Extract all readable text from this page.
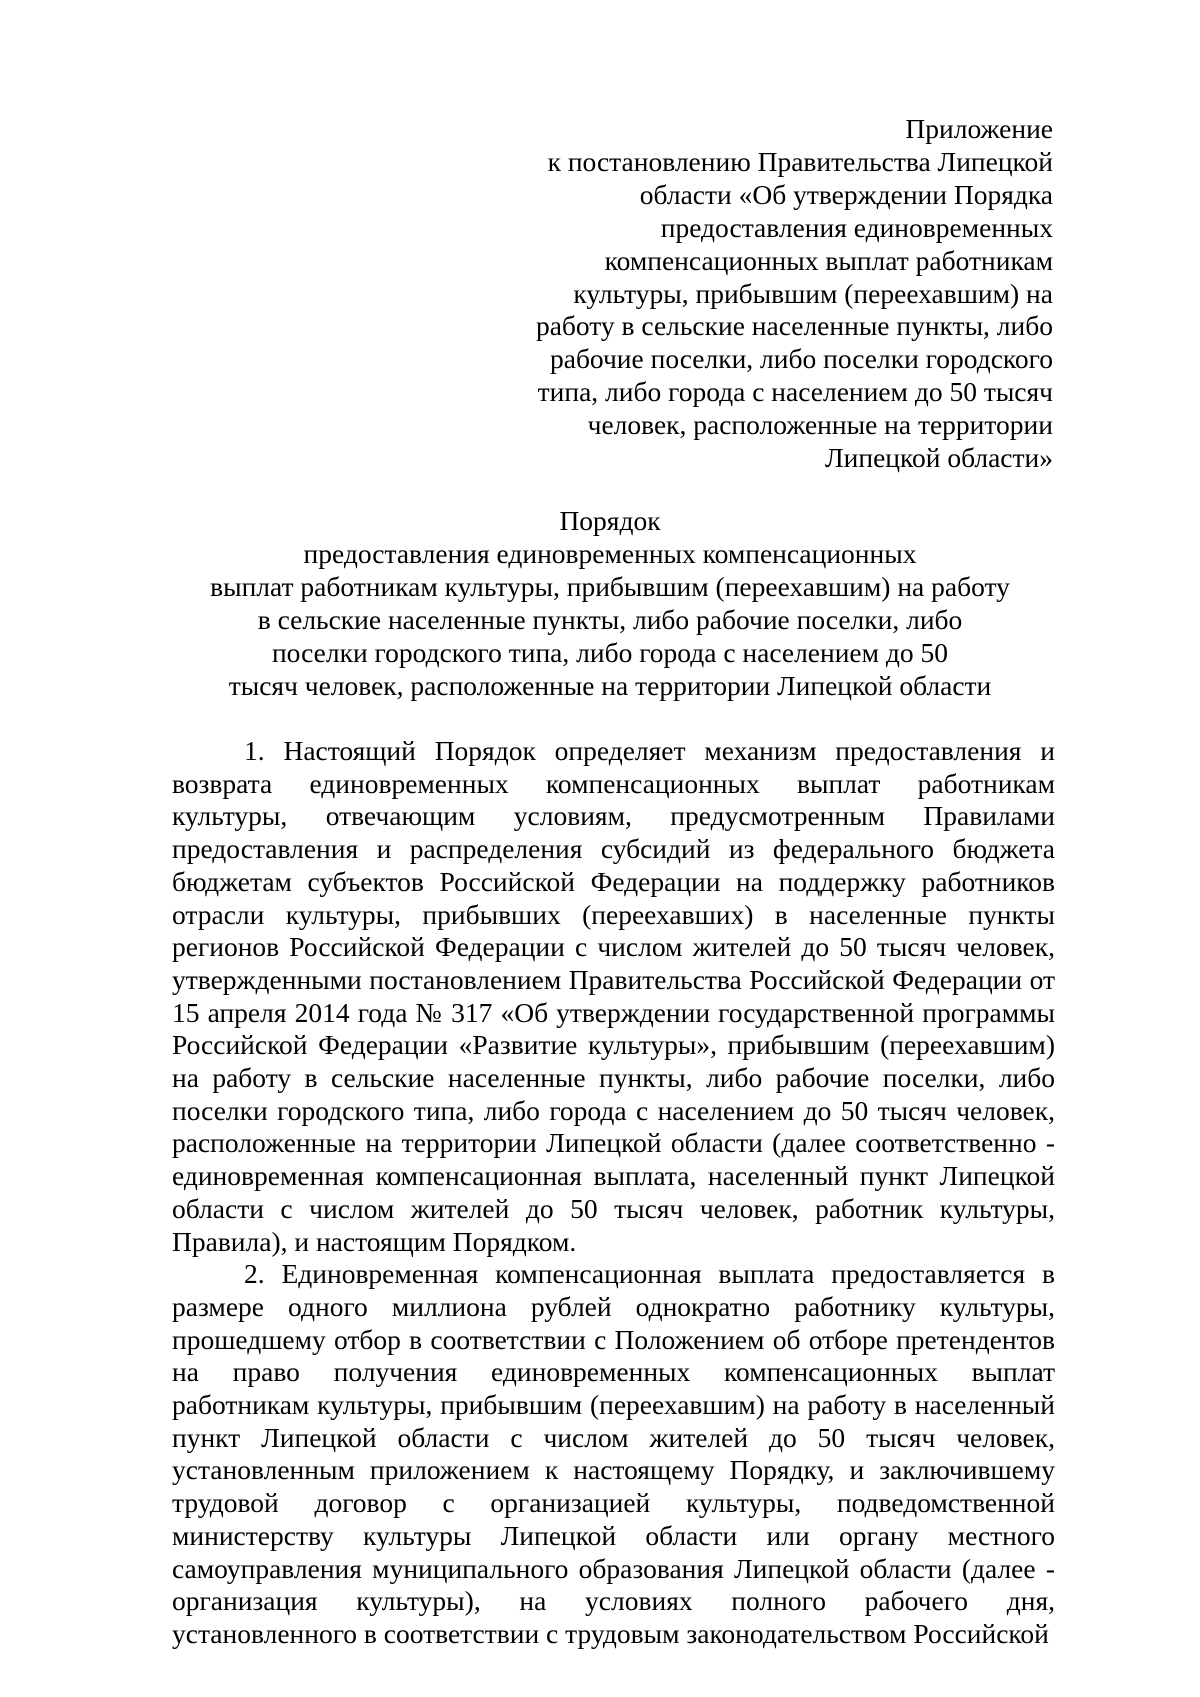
Приложение
к постановлению Правительства Липецкой
области «Об утверждении Порядка
предоставления единовременных
компенсационных выплат работникам
культуры, прибывшим (переехавшим) на
работу в сельские населенные пункты, либо
рабочие поселки, либо поселки городского
типа, либо города с населением до 50 тысяч
человек, расположенные на территории
Липецкой области»
Порядок
предоставления единовременных компенсационных
выплат работникам культуры, прибывшим (переехавшим) на работу
в сельские населенные пункты, либо рабочие поселки, либо
поселки городского типа, либо города с населением до 50
тысяч человек, расположенные на территории Липецкой области

1. Настоящий Порядок определяет механизм предоставления и возврата единовременных компенсационных выплат работникам культуры, отвечающим условиям, предусмотренным Правилами предоставления и распределения субсидий из федерального бюджета бюджетам субъектов Российской Федерации на поддержку работников отрасли культуры, прибывших (переехавших) в населенные пункты регионов Российской Федерации с числом жителей до 50 тысяч человек, утвержденными постановлением Правительства Российской Федерации от 15 апреля 2014 года № 317 «Об утверждении государственной программы Российской Федерации «Развитие культуры», прибывшим (переехавшим) на работу в сельские населенные пункты, либо рабочие поселки, либо поселки городского типа, либо города с населением до 50 тысяч человек, расположенные на территории Липецкой области (далее соответственно - единовременная компенсационная выплата, населенный пункт Липецкой области с числом жителей до 50 тысяч человек, работник культуры, Правила), и настоящим Порядком.

2. Единовременная компенсационная выплата предоставляется в размере одного миллиона рублей однократно работнику культуры, прошедшему отбор в соответствии с Положением об отборе претендентов на право получения единовременных компенсационных выплат работникам культуры, прибывшим (переехавшим) на работу в населенный пункт Липецкой области с числом жителей до 50 тысяч человек, установленным приложением к настоящему Порядку, и заключившему трудовой договор с организацией культуры, подведомственной министерству культуры Липецкой области или органу местного самоуправления муниципального образования Липецкой области (далее - организация культуры), на условиях полного рабочего дня, установленного в соответствии с трудовым законодательством Российской
